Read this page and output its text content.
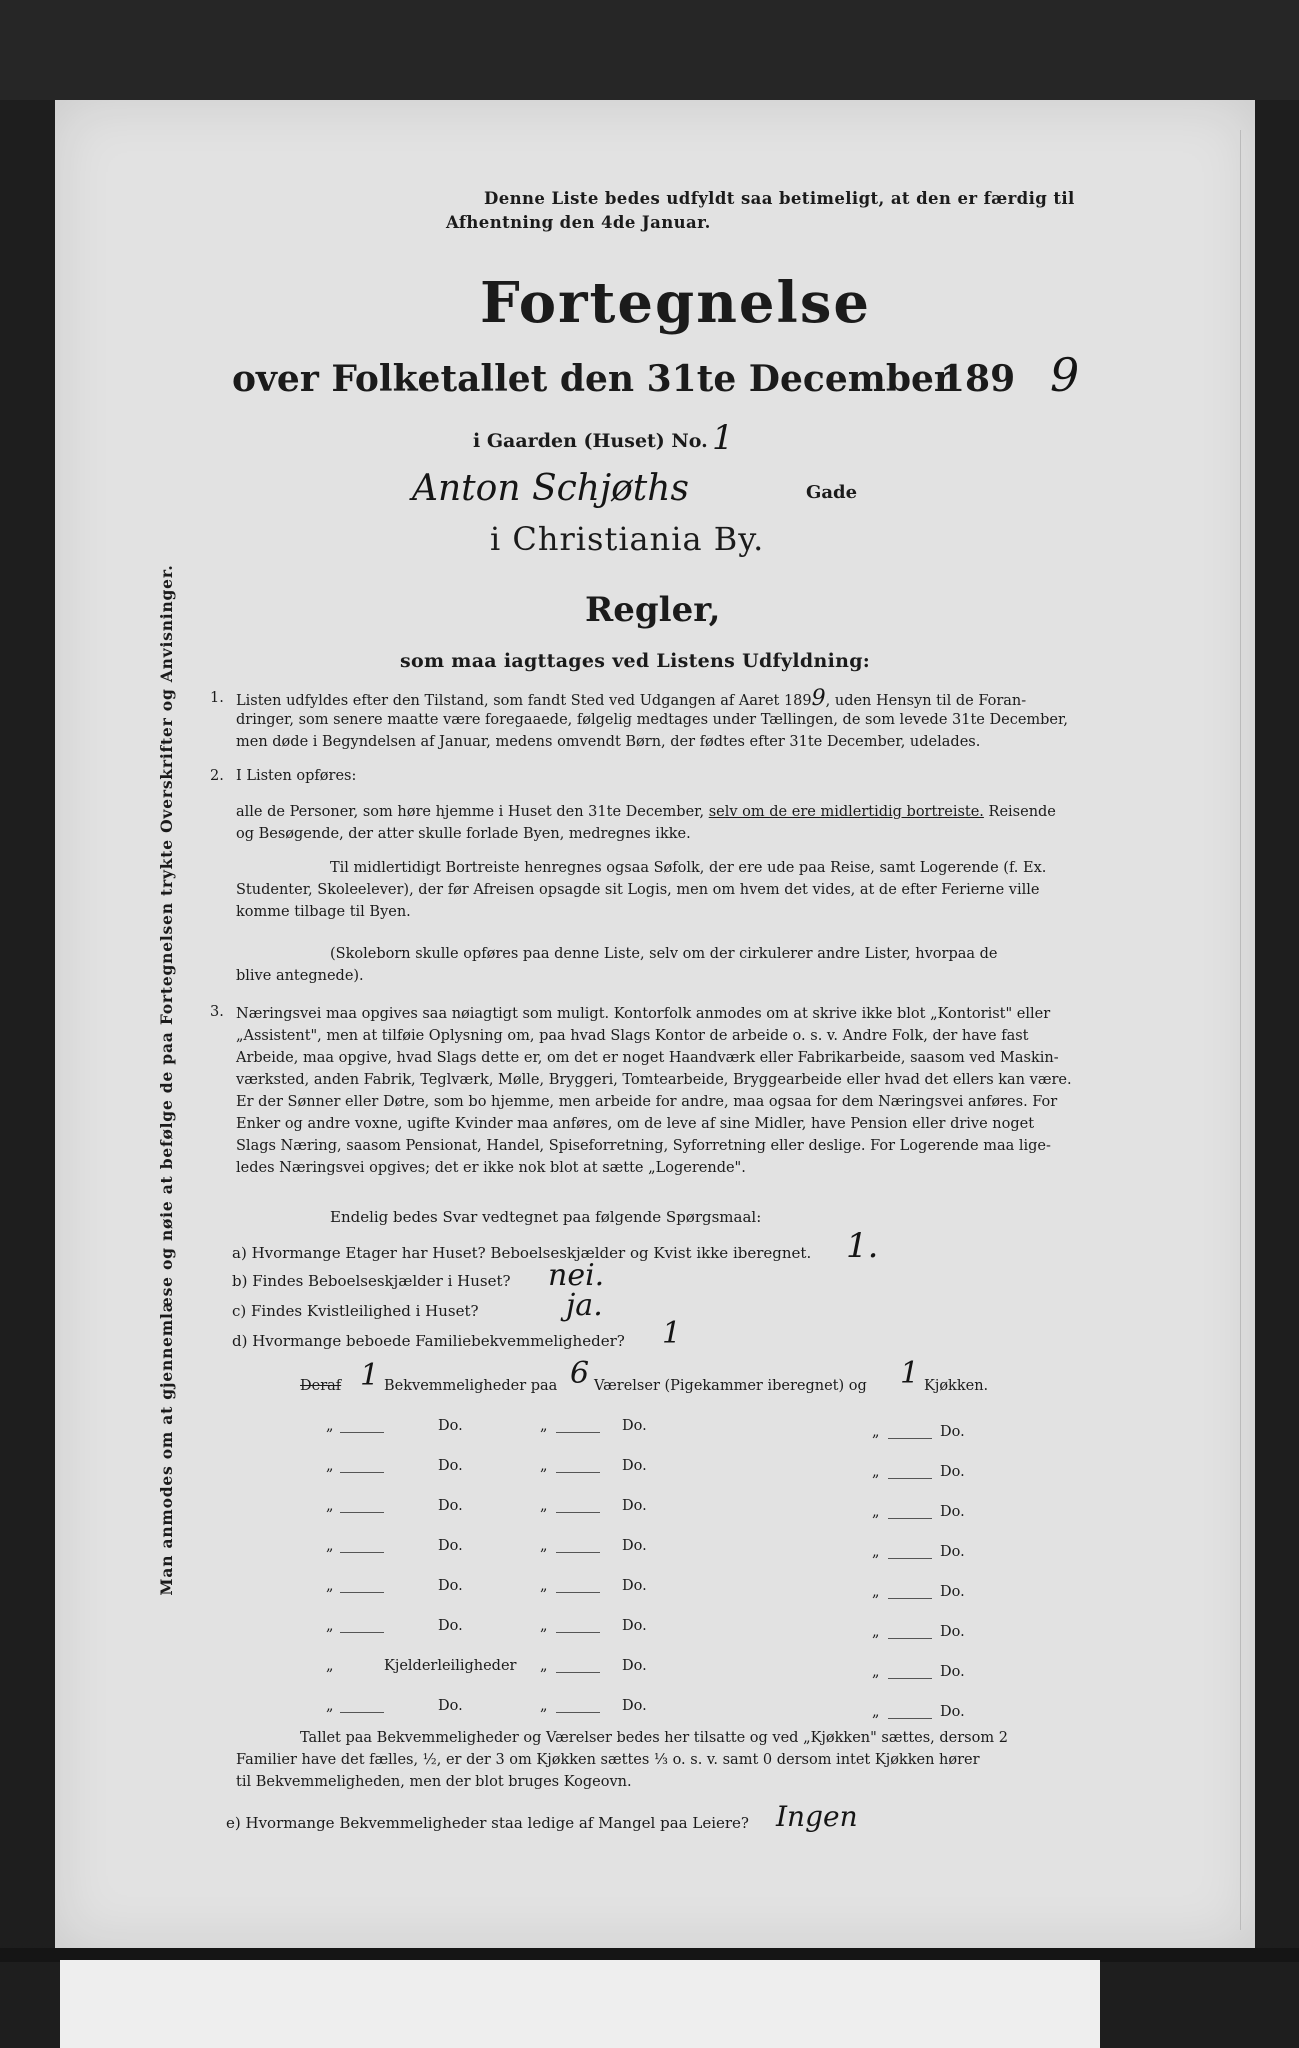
Denne Liste bedes udfyldt saa betimeligt, at den er færdig til
Afhentning den 4de Januar.
Fortegnelse
over Folketallet den 31te December
189 9
i Gaarden (Huset) No. 1
Anton Schjøths	Gade
i Christiania By.
Regler,
som maa iagttages ved Listens Udfyldning:
Man anmodes om at gjennemlæse og nøie at befølge de paa Fortegnelsen trykte Overskrifter og Anvisninger. 1. Listen udfyldes efter den Tilstand, som fandt Sted ved Udgangen af Aaret 1899, uden Hensyn til de Foran-
dringer, som senere maatte være foregaaede, følgelig medtages under Tællingen, de som levede 31te December,
men døde i Begyndelsen af Januar, medens omvendt Børn, der fødtes efter 31te December, udelades.
2. I Listen opføres:
alle de Personer, som høre hjemme i Huset den 31te December, selv om de ere midlertidig bortreiste. Reisende
og Besøgende, der atter skulle forlade Byen, medregnes ikke.
Til midlertidigt Bortreiste henregnes ogsaa Søfolk, der ere ude paa Reise, samt Logerende (f. Ex.
Studenter, Skoleelever), der før Afreisen opsagde sit Logis, men om hvem det vides, at de efter Ferierne ville
komme tilbage til Byen.
(Skoleborn skulle opføres paa denne Liste, selv om der cirkulerer andre Lister, hvorpaa de
blive antegnede).
3. Næringsvei maa opgives saa nøiagtigt som muligt. Kontorfolk anmodes om at skrive ikke blot „Kontorist" eller
„Assistent", men at tilføie Oplysning om, paa hvad Slags Kontor de arbeide o. s. v. Andre Folk, der have fast
Arbeide, maa opgive, hvad Slags dette er, om det er noget Haandværk eller Fabrikarbeide, saasom ved Maskin-
værksted, anden Fabrik, Teglværk, Mølle, Bryggeri, Tomtearbeide, Bryggearbeide eller hvad det ellers kan være.
Er der Sønner eller Døtre, som bo hjemme, men arbeide for andre, maa ogsaa for dem Næringsvei anføres. For
Enker og andre voxne, ugifte Kvinder maa anføres, om de leve af sine Midler, have Pension eller drive noget
Slags Næring, saasom Pensionat, Handel, Spiseforretning, Syforretning eller deslige. For Logerende maa lige-
ledes Næringsvei opgives; det er ikke nok blot at sætte „Logerende".
Endelig bedes Svar vedtegnet paa følgende Spørgsmaal:
a) Hvormange Etager har Huset? Beboelseskjælder og Kvist ikke iberegnet. 1.
b) Findes Beboelseskjælder i Huset? nei.
c) Findes Kvistleilighed i Huset?	ja.
d) Hvormange beboede Familiebekvemmeligheder? 1
Deraf 1 Bekvemmeligheder paa 6 Værelser (Pigekammer iberegnet) og 1 Kjøkken.
„	Do.	„	Do.	„	Do.
„	Do.	„	Do.	„	Do.
„	Do.	„	Do.	„	Do.
„	Do.	„	Do.	„	Do.
„	Do.	„	Do.	„	Do.
„	Do.	„	Do.	„	Do.
„	Kjelderleiligheder „	Do.	„	Do.
„	Do.	„	Do.	„	Do.
Tallet paa Bekvemmeligheder og Værelser bedes her tilsatte og ved „Kjøkken" sættes, dersom 2
Familier have det fælles, ½, er der 3 om Kjøkken sættes ⅓ o. s. v. samt 0 dersom intet Kjøkken hører
til Bekvemmeligheden, men der blot bruges Kogeovn.
e) Hvormange Bekvemmeligheder staa ledige af Mangel paa Leiere? Ingen
